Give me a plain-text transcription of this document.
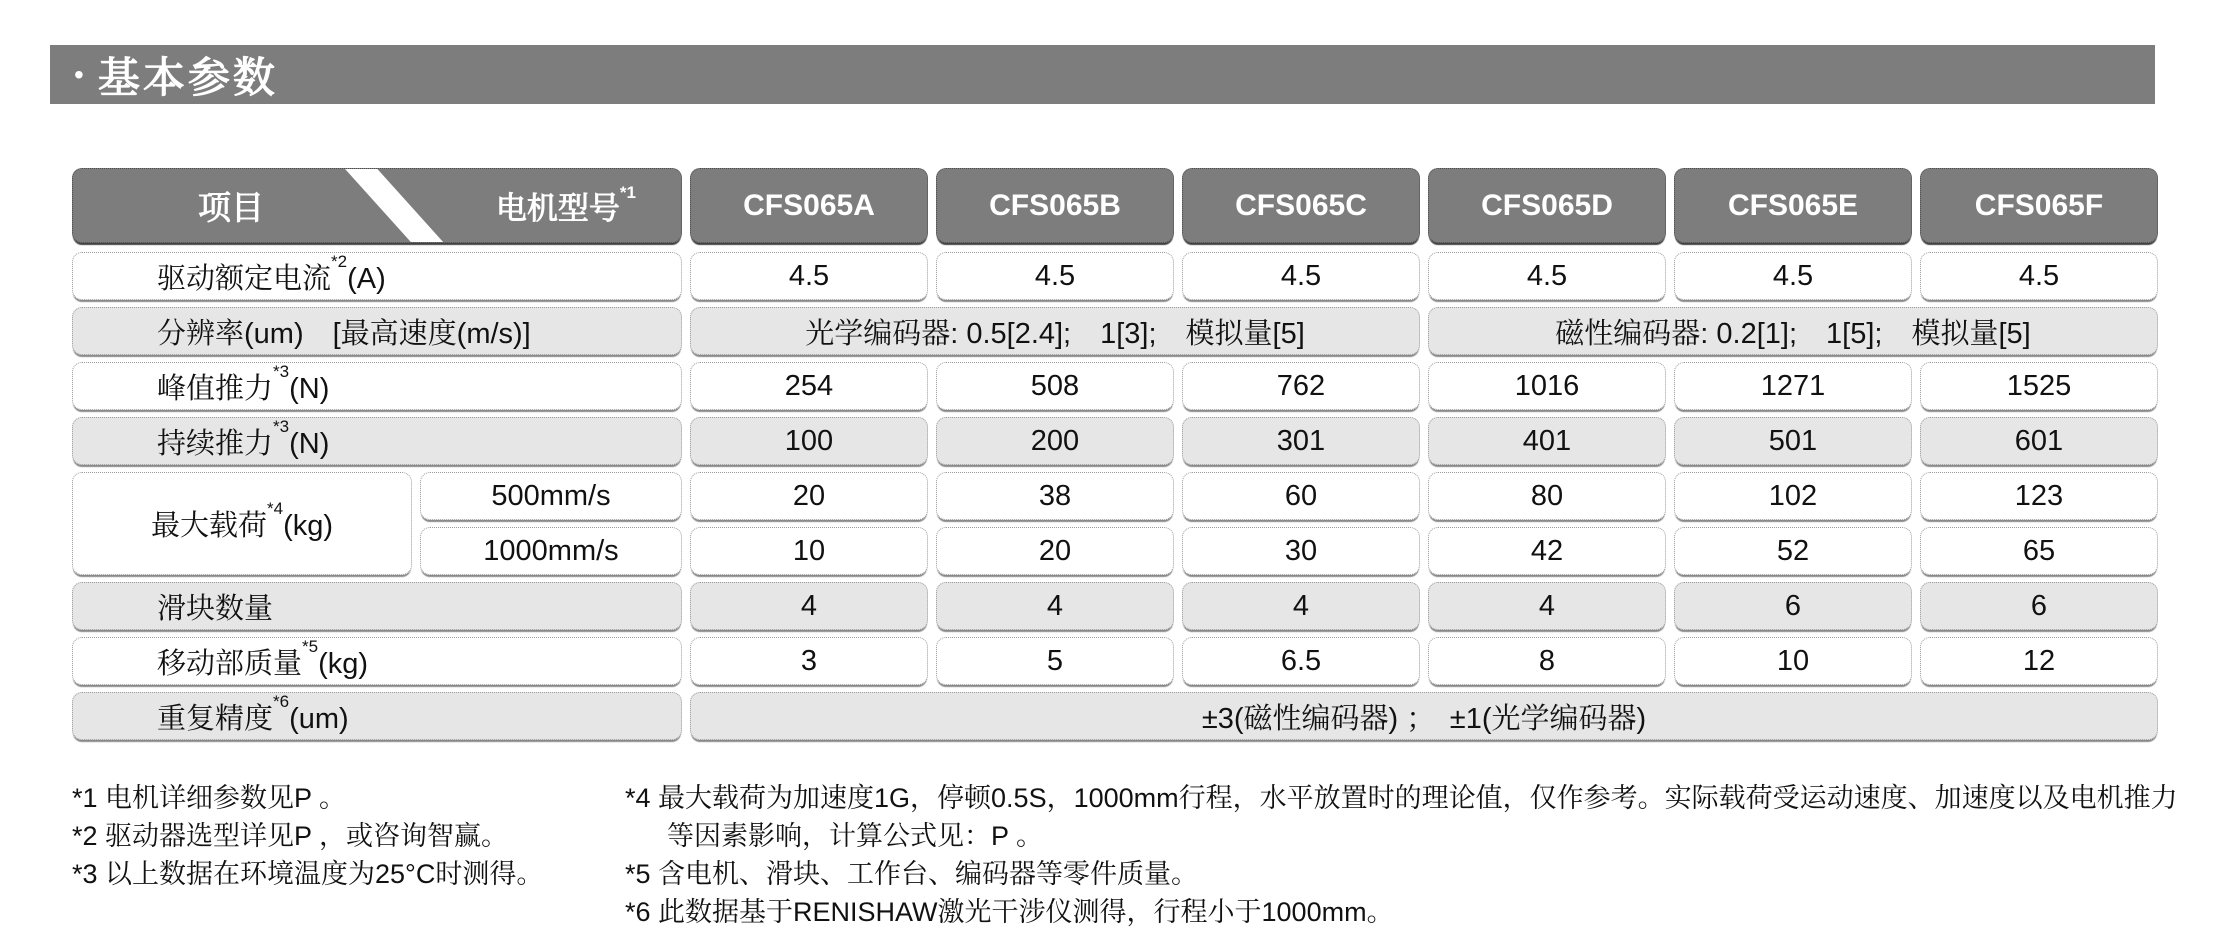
• 基本参数
项目	电机型号$^{*1}$	CFS065A	CFS065B	CFS065C	CFS065D	CFS065E	CFS065F
驱动额定电流$^{*2}$(A)	4.5	4.5	4.5	4.5	4.5	4.5
分辨率(um)　[最高速度(m/s)]	光学编码器: 0.5[2.4];　1[3];　模拟量[5]	磁性编码器: 0.2[1];　1[5];　模拟量[5]
峰值推力$^{*3}$(N)	254	508	762	1016	1271	1525
持续推力$^{*3}$(N)	100	200	301	401	501	601
最大载荷$^{*4}$(kg)
500mm/s	20	38	60	80	102	123
1000mm/s	10	20	30	42	52	65
滑块数量	4	4	4	4	6	6
移动部质量$^{*5}$(kg)	3	5	6.5	8	10	12
重复精度$^{*6}$(um)	±3(磁性编码器) ；　±1(光学编码器)
*1 电机详细参数见P 。
*2 驱动器选型详见P ，或咨询智赢。
*3 以上数据在环境温度为25°C时测得。
*4 最大载荷为加速度1G，停顿0.5S，1000mm行程，水平放置时的理论值，仅作参考。实际载荷受运动速度、加速度以及电机推力等因素影响，计算公式见：P 。
*5 含电机、滑块、工作台、编码器等零件质量。
*6 此数据基于RENISHAW激光干涉仪测得，行程小于1000mm。
